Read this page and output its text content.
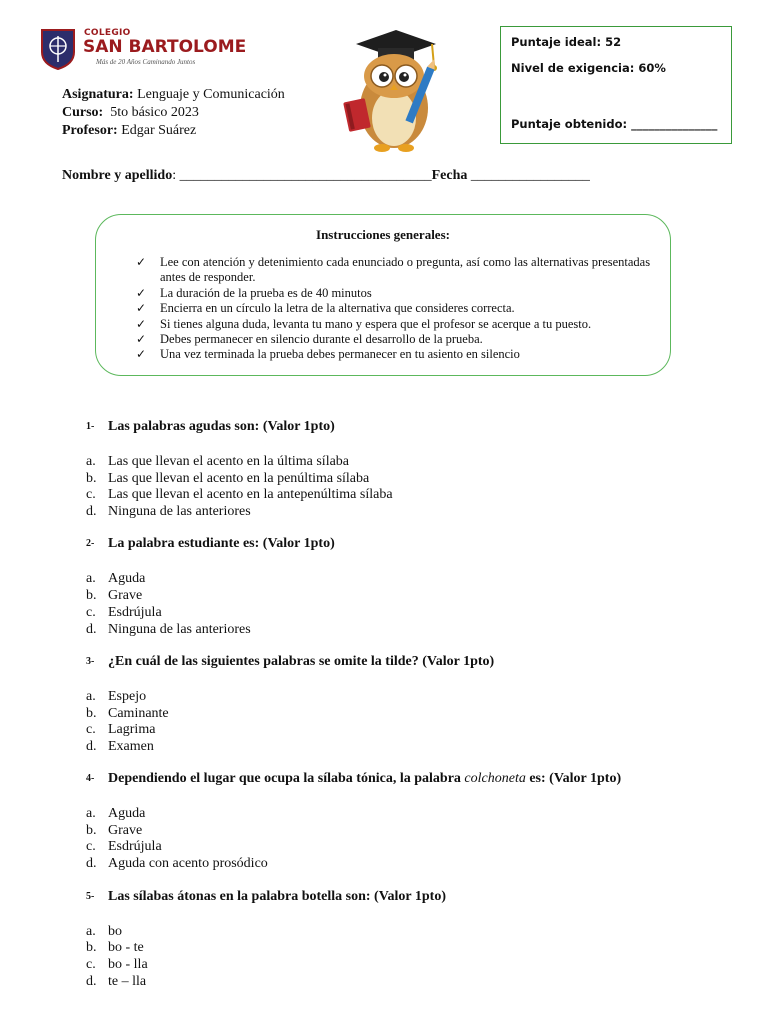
COLEGIO
SAN BARTOLOME
Más de 20 Años Caminando Juntos
Asignatura: Lenguaje y Comunicación
Curso: 5to básico 2023
Profesor: Edgar Suárez
Puntaje ideal: 52
Nivel de exigencia: 60%
Puntaje obtenido: _______________
Nombre y apellido: ____________________________________Fecha _________________
Instrucciones generales:
✓ Lee con atención y detenimiento cada enunciado o pregunta, así como las alternativas presentadas antes de responder.
✓ La duración de la prueba es de 40 minutos
✓ Encierra en un círculo la letra de la alternativa que consideres correcta.
✓ Si tienes alguna duda, levanta tu mano y espera que el profesor se acerque a tu puesto.
✓ Debes permanecer en silencio durante el desarrollo de la prueba.
✓ Una vez terminada la prueba debes permanecer en tu asiento en silencio
1- Las palabras agudas son: (Valor 1pto)
a. Las que llevan el acento en la última sílaba
b. Las que llevan el acento en la penúltima sílaba
c. Las que llevan el acento en la antepenúltima sílaba
d. Ninguna de las anteriores
2- La palabra estudiante es: (Valor 1pto)
a. Aguda
b. Grave
c. Esdrújula
d. Ninguna de las anteriores
3- ¿En cuál de las siguientes palabras se omite la tilde? (Valor 1pto)
a. Espejo
b. Caminante
c. Lagrima
d. Examen
4- Dependiendo el lugar que ocupa la sílaba tónica, la palabra colchoneta es: (Valor 1pto)
a. Aguda
b. Grave
c. Esdrújula
d. Aguda con acento prosódico
5- Las sílabas átonas en la palabra botella son: (Valor 1pto)
a. bo
b. bo - te
c. bo - lla
d. te – lla
